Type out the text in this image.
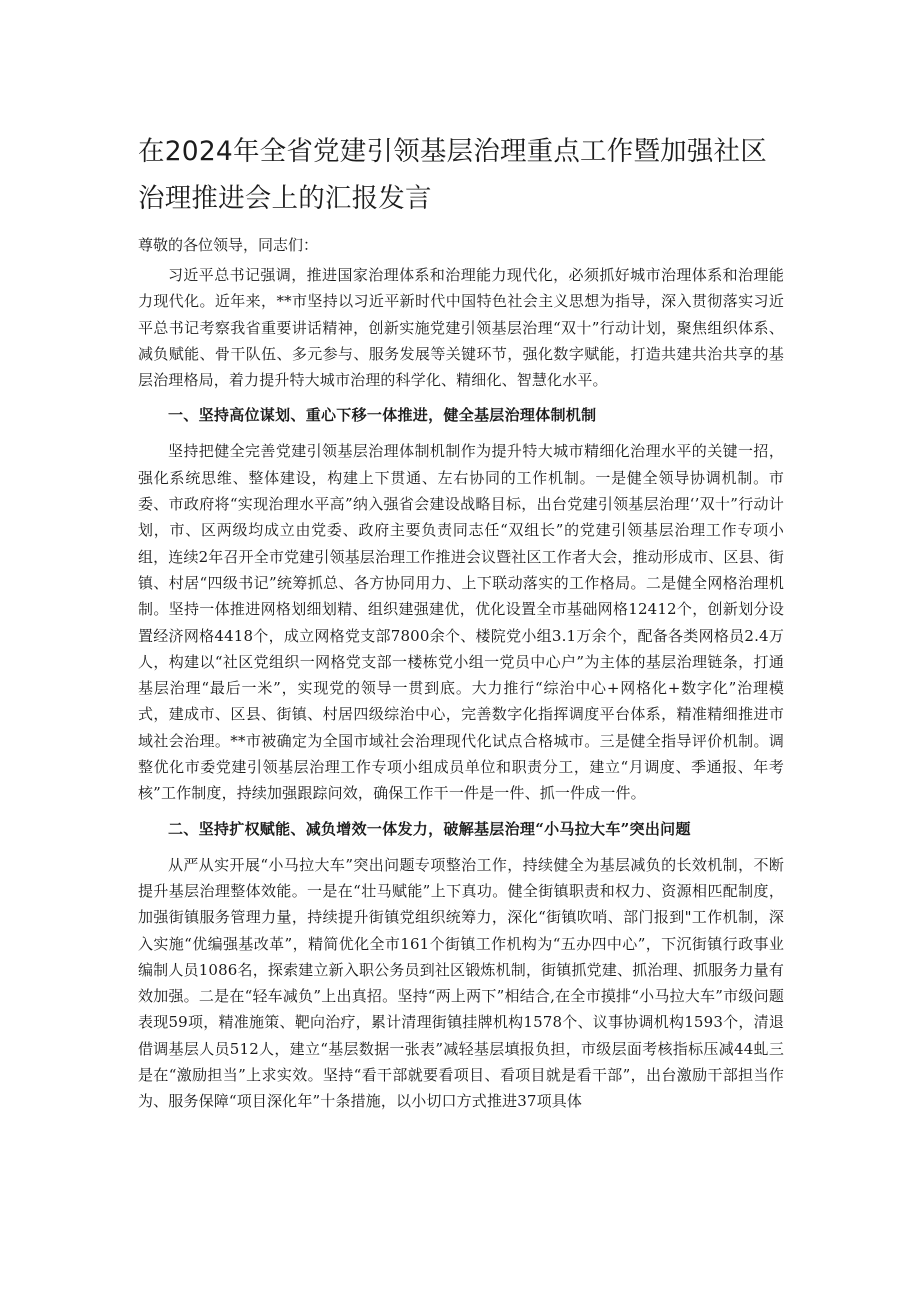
在2024年全省党建引领基层治理重点工作暨加强社区治理推进会上的汇报发言

尊敬的各位领导，同志们：

习近平总书记强调，推进国家治理体系和治理能力现代化，必须抓好城市治理体系和治理能力现代化。近年来，**市坚持以习近平新时代中国特色社会主义思想为指导，深入贯彻落实习近平总书记考察我省重要讲话精神，创新实施党建引领基层治理“双十”行动计划，聚焦组织体系、减负赋能、骨干队伍、多元参与、服务发展等关键环节，强化数字赋能，打造共建共治共享的基层治理格局，着力提升特大城市治理的科学化、精细化、智慧化水平。

一、坚持高位谋划、重心下移一体推进，健全基层治理体制机制

坚持把健全完善党建引领基层治理体制机制作为提升特大城市精细化治理水平的关键一招，强化系统思维、整体建设，构建上下贯通、左右协同的工作机制。一是健全领导协调机制。市委、市政府将“实现治理水平高”纳入强省会建设战略目标，出台党建引领基层治理‘’双十”行动计划，市、区两级均成立由党委、政府主要负责同志任“双组长”的党建引领基层治理工作专项小组，连续2年召开全市党建引领基层治理工作推进会议暨社区工作者大会，推动形成市、区县、街镇、村居“四级书记”统筹抓总、各方协同用力、上下联动落实的工作格局。二是健全网格治理机制。坚持一体推进网格划细划精、组织建强建优，优化设置全市基础网格12412个，创新划分设置经济网格4418个，成立网格党支部7800余个、楼院党小组3.1万余个，配备各类网格员2.4万人，构建以“社区党组织一网格党支部一楼栋党小组一党员中心户”为主体的基层治理链条，打通基层治理“最后一米”，实现党的领导一贯到底。大力推行“综治中心+网格化+数字化”治理模式，建成市、区县、街镇、村居四级综治中心，完善数字化指挥调度平台体系，精准精细推进市域社会治理。**市被确定为全国市域社会治理现代化试点合格城市。三是健全指导评价机制。调整优化市委党建引领基层治理工作专项小组成员单位和职责分工，建立“月调度、季通报、年考核”工作制度，持续加强跟踪问效，确保工作干一件是一件、抓一件成一件。

二、坚持扩权赋能、减负增效一体发力，破解基层治理“小马拉大车”突出问题

从严从实开展“小马拉大车”突出问题专项整治工作，持续健全为基层减负的长效机制，不断提升基层治理整体效能。一是在“壮马赋能”上下真功。健全街镇职责和权力、资源相匹配制度，加强街镇服务管理力量，持续提升街镇党组织统筹力，深化“街镇吹哨、部门报到"工作机制，深入实施“优编强基改革”，精简优化全市161个街镇工作机构为“五办四中心”，下沉街镇行政事业编制人员1086名，探索建立新入职公务员到社区锻炼机制，街镇抓党建、抓治理、抓服务力量有效加强。二是在“轻车减负”上出真招。坚持“两上两下”相结合,在全市摸排“小马拉大车”市级问题表现59项，精准施策、靶向治疗，累计清理街镇挂牌机构1578个、议事协调机构1593个，清退借调基层人员512人，建立“基层数据一张表”减轻基层填报负担，市级层面考核指标压减44虬三是在“激励担当”上求实效。坚持“看干部就要看项目、看项目就是看干部”，出台激励干部担当作为、服务保障“项目深化年”十条措施，以小切口方式推进37项具体
